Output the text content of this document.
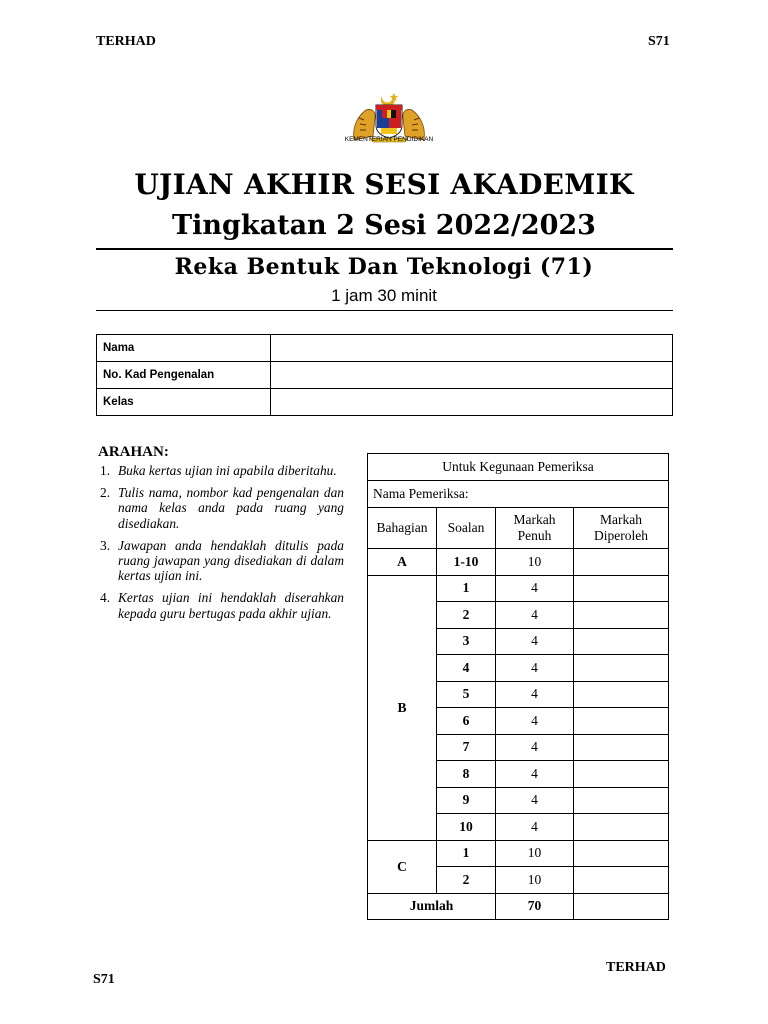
TERHAD	S71
KEMENTERIAN PENDIDIKAN
UJIAN AKHIR SESI AKADEMIK
Tingkatan 2 Sesi 2022/2023
Reka Bentuk Dan Teknologi (71)
1 jam 30 minit
Nama	
No. Kad Pengenalan	
Kelas	
ARAHAN:
1. Buka kertas ujian ini apabila diberitahu.
2. Tulis nama, nombor kad pengenalan dan nama kelas anda pada ruang yang disediakan.
3. Jawapan anda hendaklah ditulis pada ruang jawapan yang disediakan di dalam kertas ujian ini.
4. Kertas ujian ini hendaklah diserahkan kepada guru bertugas pada akhir ujian.
Untuk Kegunaan Pemeriksa			
Nama Pemeriksa:			
Bahagian	Soalan	Markah Penuh	Markah Diperoleh
A	1-10	10	
B	1	4	
	2	4	
	3	4	
	4	4	
	5	4	
	6	4	
	7	4	
	8	4	
	9	4	
	10	4	
C	1	10	
	2	10	
Jumlah		70	
S71
TERHAD
